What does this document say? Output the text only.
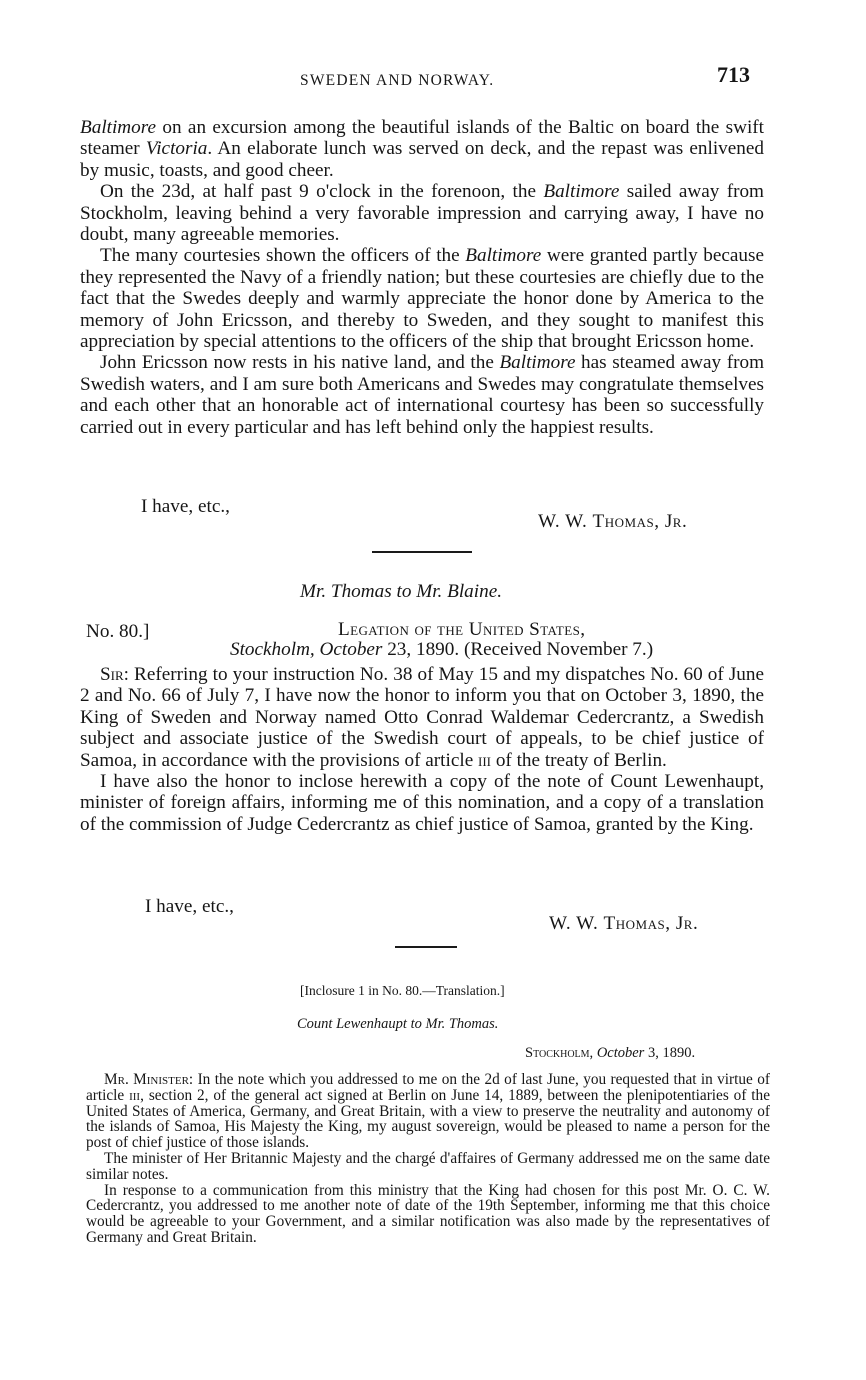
SWEDEN AND NORWAY.	713

Baltimore on an excursion among the beautiful islands of the Baltic on board the swift steamer Victoria. An elaborate lunch was served on deck, and the repast was enlivened by music, toasts, and good cheer.

On the 23d, at half past 9 o'clock in the forenoon, the Baltimore sailed away from Stockholm, leaving behind a very favorable impression and carrying away, I have no doubt, many agreeable memories.

The many courtesies shown the officers of the Baltimore were granted partly because they represented the Navy of a friendly nation; but these courtesies are chiefly due to the fact that the Swedes deeply and warmly appreciate the honor done by America to the memory of John Ericsson, and thereby to Sweden, and they sought to manifest this appreciation by special attentions to the officers of the ship that brought Ericsson home.

John Ericsson now rests in his native land, and the Baltimore has steamed away from Swedish waters, and I am sure both Americans and Swedes may congratulate themselves and each other that an honorable act of international courtesy has been so successfully carried out in every particular and has left behind only the happiest results.

I have, etc.,
W. W. Thomas, Jr.
Mr. Thomas to Mr. Blaine.
No. 80.]	Legation of the United States,
Stockholm, October 23, 1890. (Received November 7.)

Sir: Referring to your instruction No. 38 of May 15 and my dispatches No. 60 of June 2 and No. 66 of July 7, I have now the honor to inform you that on October 3, 1890, the King of Sweden and Norway named Otto Conrad Waldemar Cedercrantz, a Swedish subject and associate justice of the Swedish court of appeals, to be chief justice of Samoa, in accordance with the provisions of article iii of the treaty of Berlin.

I have also the honor to inclose herewith a copy of the note of Count Lewenhaupt, minister of foreign affairs, informing me of this nomination, and a copy of a translation of the commission of Judge Cedercrantz as chief justice of Samoa, granted by the King.

I have, etc.,
W. W. Thomas, Jr.
[Inclosure 1 in No. 80.—Translation.]
Count Lewenhaupt to Mr. Thomas.
Stockholm, October 3, 1890.

Mr. Minister: In the note which you addressed to me on the 2d of last June, you requested that in virtue of article iii, section 2, of the general act signed at Berlin on June 14, 1889, between the plenipotentiaries of the United States of America, Germany, and Great Britain, with a view to preserve the neutrality and autonomy of the islands of Samoa, His Majesty the King, my august sovereign, would be pleased to name a person for the post of chief justice of those islands.

The minister of Her Britannic Majesty and the chargé d'affaires of Germany addressed me on the same date similar notes.

In response to a communication from this ministry that the King had chosen for this post Mr. O. C. W. Cedercrantz, you addressed to me another note of date of the 19th September, informing me that this choice would be agreeable to your Government, and a similar notification was also made by the representatives of Germany and Great Britain.
